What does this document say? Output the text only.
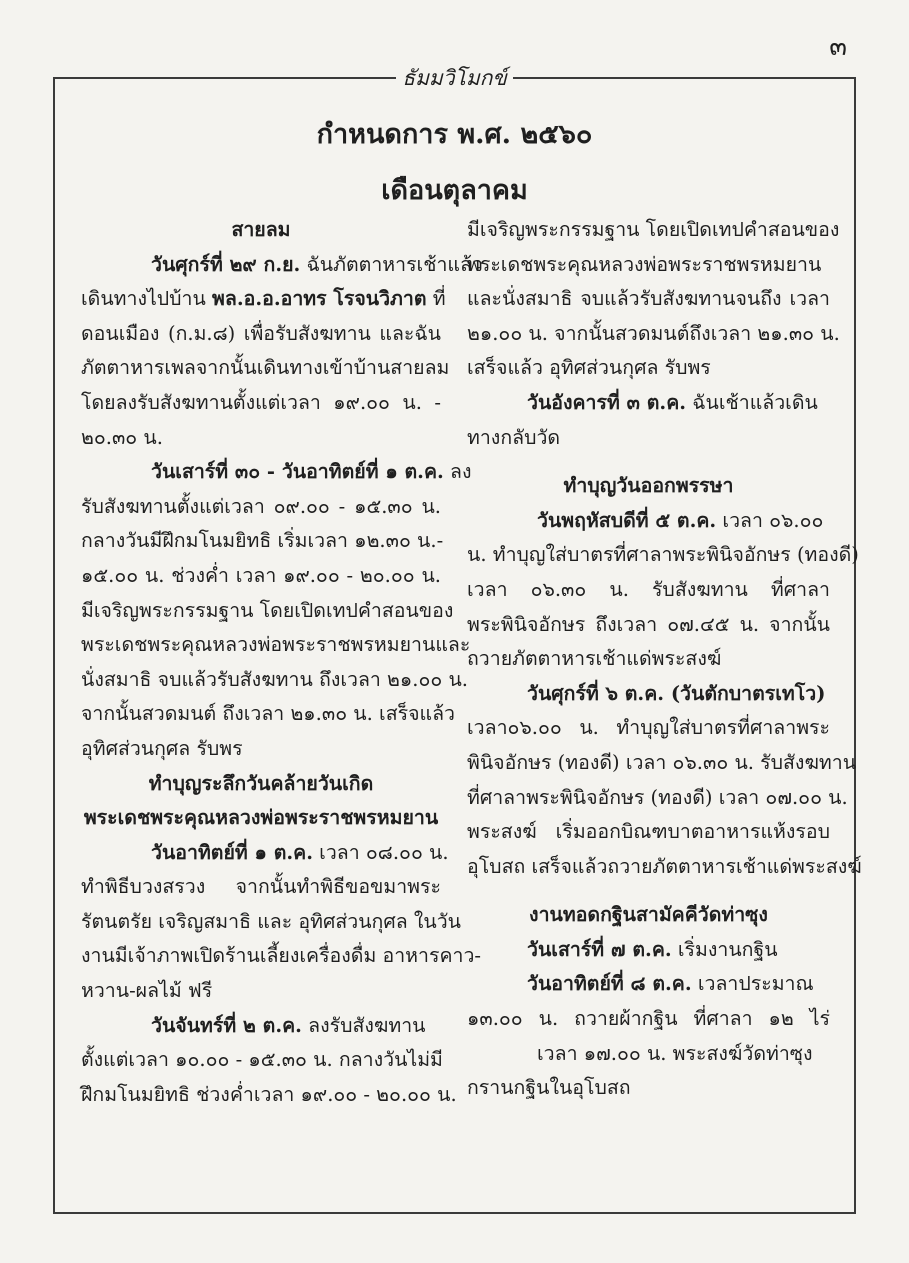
๓
ธัมมวิโมกข์
กำหนดการ พ.ศ. ๒๕๖๐
เดือนตุลาคม
สายลม
วันศุกร์ที่ ๒๙ ก.ย. ฉันภัตตาหารเช้าแล้ว
เดินทางไปบ้าน พล.อ.อ.อาทร โรจนวิภาต ที่
ดอนเมือง (ก.ม.๘) เพื่อรับสังฆทาน และฉัน
ภัตตาหารเพลจากนั้นเดินทางเข้าบ้านสายลม
โดยลงรับสังฆทานตั้งแต่เวลา ๑๙.๐๐ น. -
๒๐.๓๐ น.
วันเสาร์ที่ ๓๐ - วันอาทิตย์ที่ ๑ ต.ค. ลง
รับสังฆทานตั้งแต่เวลา ๐๙.๐๐ - ๑๕.๓๐ น.
กลางวันมีฝึกมโนมยิทธิ เริ่มเวลา ๑๒.๓๐ น.-
๑๕.๐๐ น. ช่วงค่ำ เวลา ๑๙.๐๐ - ๒๐.๐๐ น.
มีเจริญพระกรรมฐาน โดยเปิดเทปคำสอนของ
พระเดชพระคุณหลวงพ่อพระราชพรหมยานและ
นั่งสมาธิ จบแล้วรับสังฆทาน ถึงเวลา ๒๑.๐๐ น.
จากนั้นสวดมนต์ ถึงเวลา ๒๑.๓๐ น. เสร็จแล้ว
อุทิศส่วนกุศล รับพร
ทำบุญระลึกวันคล้ายวันเกิด
พระเดชพระคุณหลวงพ่อพระราชพรหมยาน
วันอาทิตย์ที่ ๑ ต.ค. เวลา ๐๘.๐๐ น.
ทำพิธีบวงสรวง จากนั้นทำพิธีขอขมาพระ
รัตนตรัย เจริญสมาธิ และ อุทิศส่วนกุศล ในวัน
งานมีเจ้าภาพเปิดร้านเลี้ยงเครื่องดื่ม อาหารคาว-
หวาน-ผลไม้ ฟรี
วันจันทร์ที่ ๒ ต.ค. ลงรับสังฆทาน
ตั้งแต่เวลา ๑๐.๐๐ - ๑๕.๓๐ น. กลางวันไม่มี
ฝึกมโนมยิทธิ ช่วงค่ำเวลา ๑๙.๐๐ - ๒๐.๐๐ น.
มีเจริญพระกรรมฐาน โดยเปิดเทปคำสอนของ
พระเดชพระคุณหลวงพ่อพระราชพรหมยาน
และนั่งสมาธิ จบแล้วรับสังฆทานจนถึง เวลา
๒๑.๐๐ น. จากนั้นสวดมนต์ถึงเวลา ๒๑.๓๐ น.
เสร็จแล้ว อุทิศส่วนกุศล รับพร
วันอังคารที่ ๓ ต.ค. ฉันเช้าแล้วเดิน
ทางกลับวัด
ทำบุญวันออกพรรษา
วันพฤหัสบดีที่ ๕ ต.ค. เวลา ๐๖.๐๐
น. ทำบุญใส่บาตรที่ศาลาพระพินิจอักษร (ทองดี)
เวลา ๐๖.๓๐ น. รับสังฆทาน ที่ศาลา
พระพินิจอักษร ถึงเวลา ๐๗.๔๕ น. จากนั้น
ถวายภัตตาหารเช้าแด่พระสงฆ์
วันศุกร์ที่ ๖ ต.ค. (วันตักบาตรเทโว)
เวลา๐๖.๐๐ น. ทำบุญใส่บาตรที่ศาลาพระ
พินิจอักษร (ทองดี) เวลา ๐๖.๓๐ น. รับสังฆทาน
ที่ศาลาพระพินิจอักษร (ทองดี) เวลา ๐๗.๐๐ น.
พระสงฆ์ เริ่มออกบิณฑบาตอาหารแห้งรอบ
อุโบสถ เสร็จแล้วถวายภัตตาหารเช้าแด่พระสงฆ์
งานทอดกฐินสามัคคีวัดท่าซุง
วันเสาร์ที่ ๗ ต.ค. เริ่มงานกฐิน
วันอาทิตย์ที่ ๘ ต.ค. เวลาประมาณ
๑๓.๐๐ น. ถวายผ้ากฐิน ที่ศาลา ๑๒ ไร่
เวลา ๑๗.๐๐ น. พระสงฆ์วัดท่าซุง
กรานกฐินในอุโบสถ
